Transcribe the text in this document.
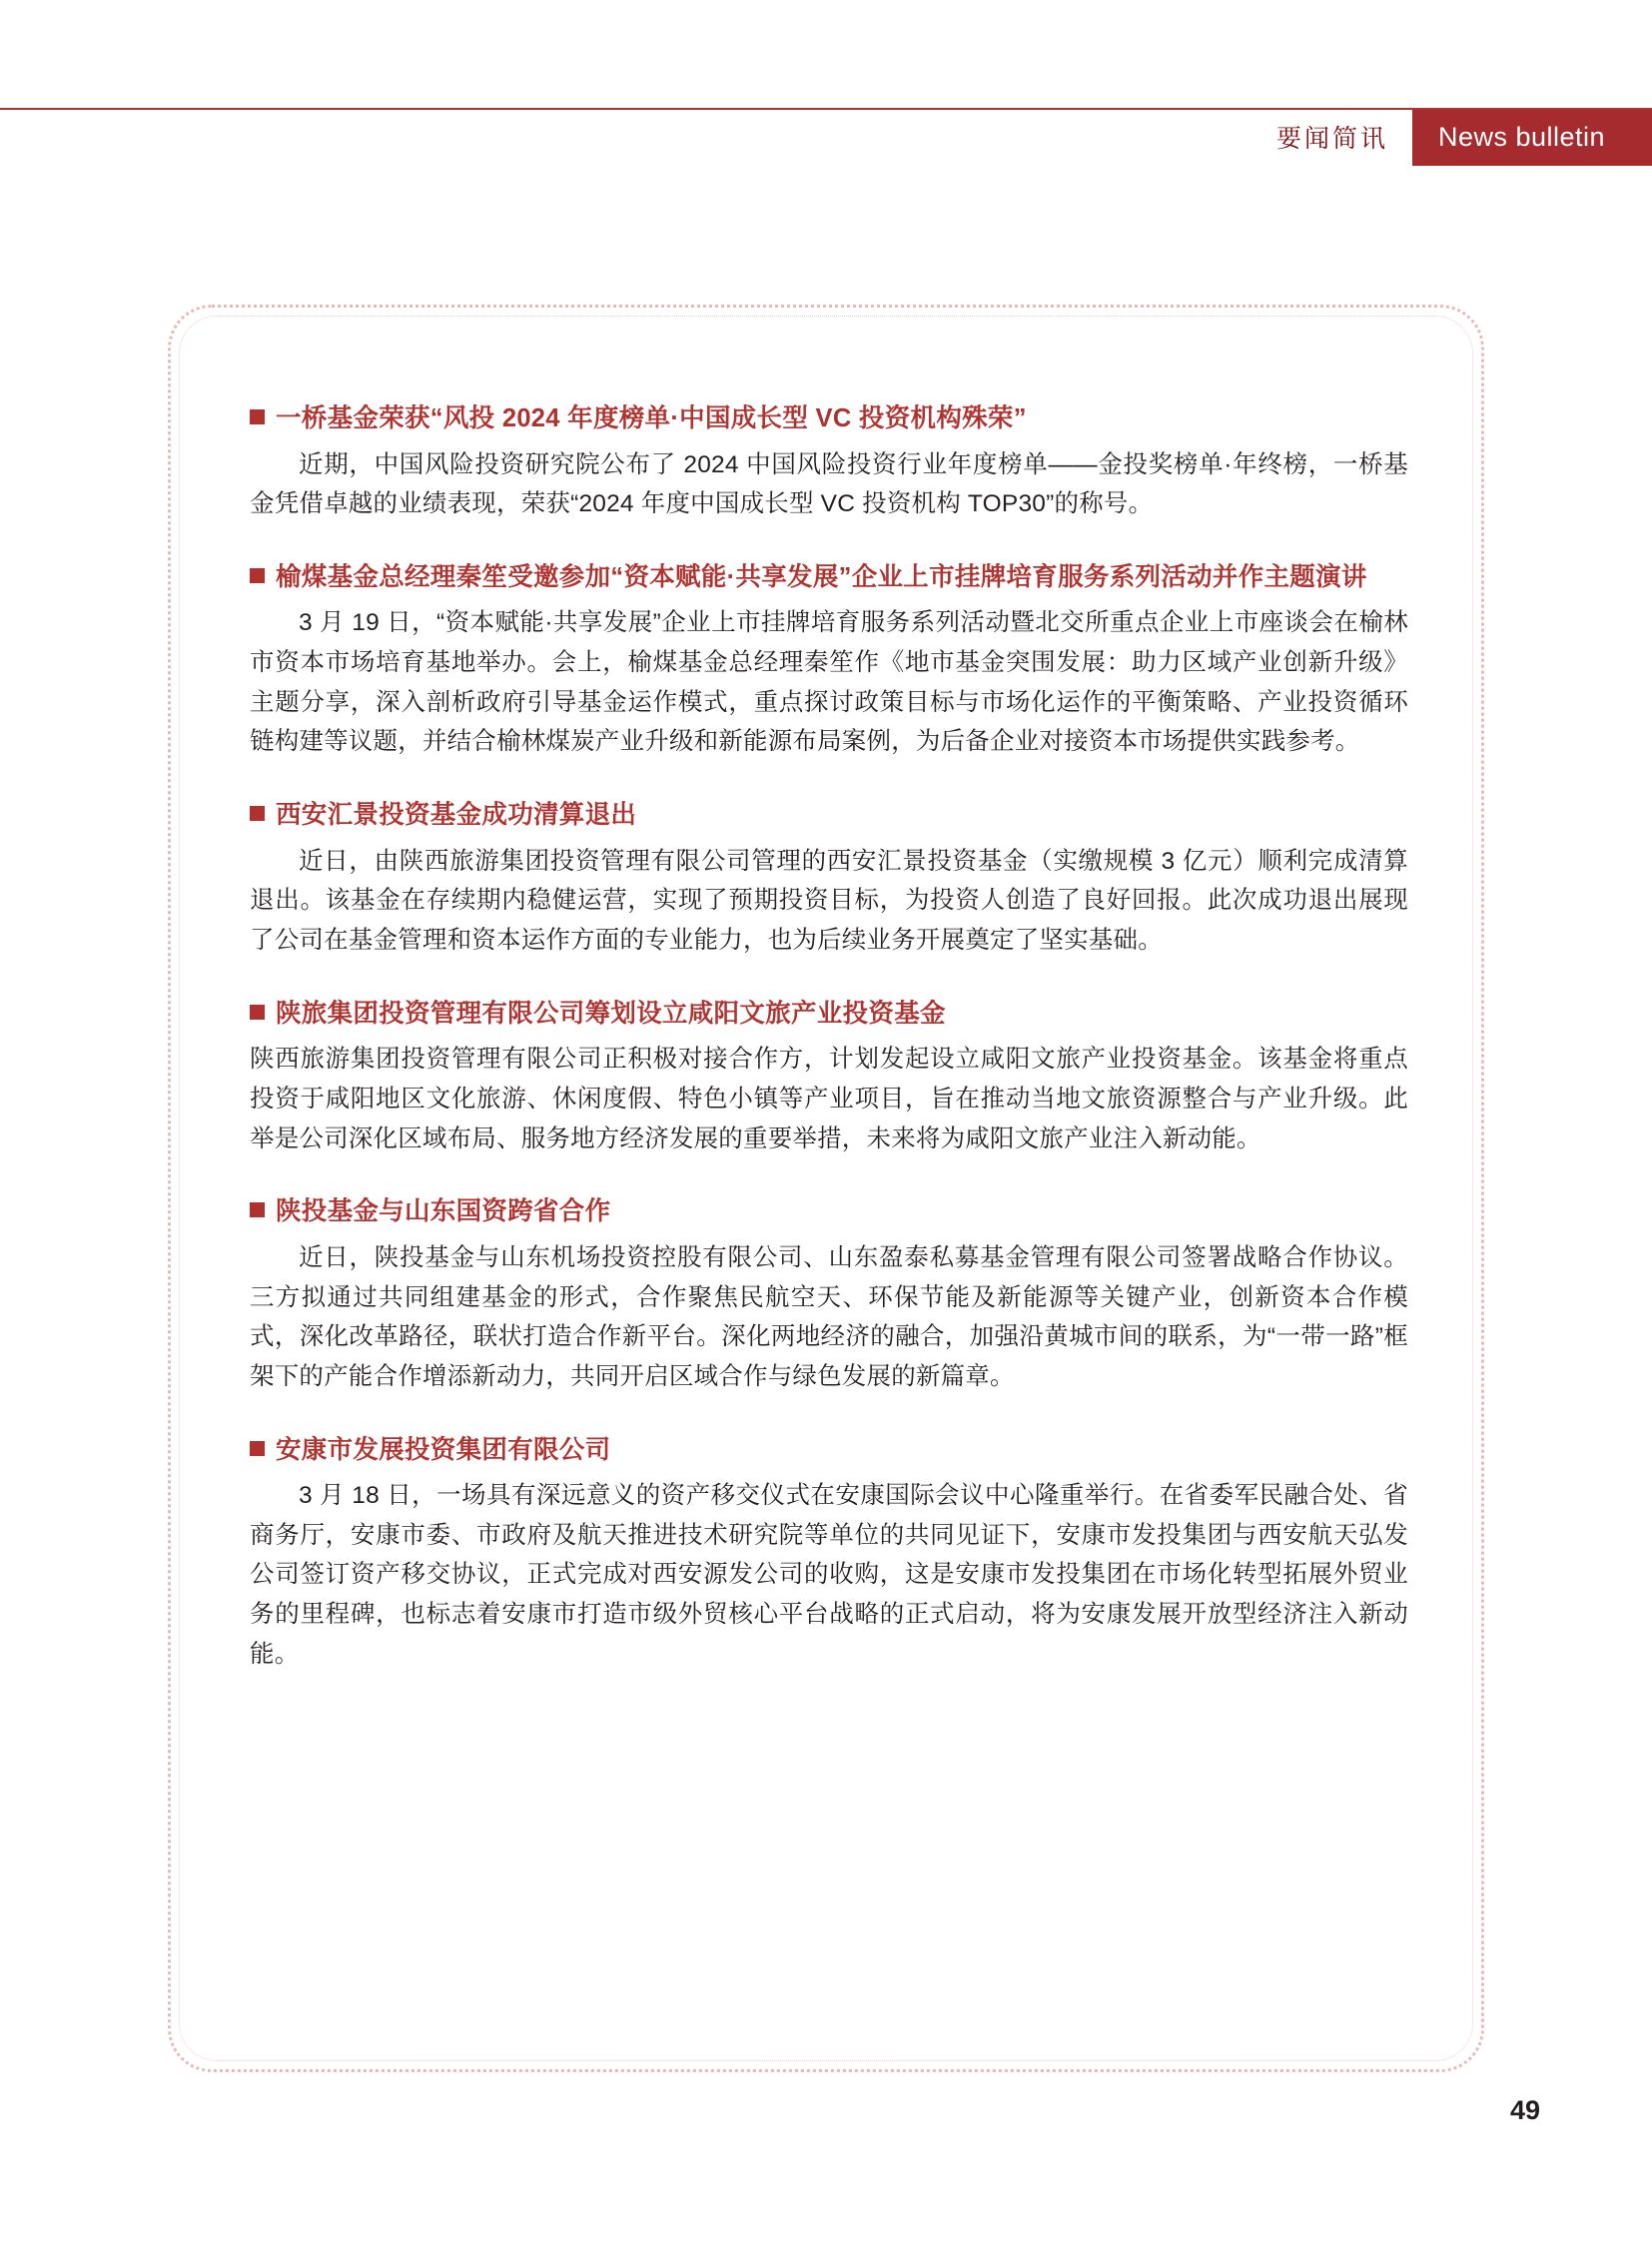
要闻简讯	News bulletin

一桥基金荣获“风投 2024 年度榜单·中国成长型 VC 投资机构殊荣”

近期，中国风险投资研究院公布了 2024 中国风险投资行业年度榜单——金投奖榜单·年终榜，一桥基金凭借卓越的业绩表现，荣获“2024 年度中国成长型 VC 投资机构 TOP30”的称号。

榆煤基金总经理秦笙受邀参加“资本赋能·共享发展”企业上市挂牌培育服务系列活动并作主题演讲

3 月 19 日，“资本赋能·共享发展”企业上市挂牌培育服务系列活动暨北交所重点企业上市座谈会在榆林市资本市场培育基地举办。会上，榆煤基金总经理秦笙作《地市基金突围发展：助力区域产业创新升级》主题分享，深入剖析政府引导基金运作模式，重点探讨政策目标与市场化运作的平衡策略、产业投资循环链构建等议题，并结合榆林煤炭产业升级和新能源布局案例，为后备企业对接资本市场提供实践参考。

西安汇景投资基金成功清算退出

近日，由陕西旅游集团投资管理有限公司管理的西安汇景投资基金（实缴规模 3 亿元）顺利完成清算退出。该基金在存续期内稳健运营，实现了预期投资目标，为投资人创造了良好回报。此次成功退出展现了公司在基金管理和资本运作方面的专业能力，也为后续业务开展奠定了坚实基础。

陕旅集团投资管理有限公司筹划设立咸阳文旅产业投资基金

陕西旅游集团投资管理有限公司正积极对接合作方，计划发起设立咸阳文旅产业投资基金。该基金将重点投资于咸阳地区文化旅游、休闲度假、特色小镇等产业项目，旨在推动当地文旅资源整合与产业升级。此举是公司深化区域布局、服务地方经济发展的重要举措，未来将为咸阳文旅产业注入新动能。

陕投基金与山东国资跨省合作

近日，陕投基金与山东机场投资控股有限公司、山东盈泰私募基金管理有限公司签署战略合作协议。三方拟通过共同组建基金的形式，合作聚焦民航空天、环保节能及新能源等关键产业，创新资本合作模式，深化改革路径，联状打造合作新平台。深化两地经济的融合，加强沿黄城市间的联系，为“一带一路”框架下的产能合作增添新动力，共同开启区域合作与绿色发展的新篇章。

安康市发展投资集团有限公司

3 月 18 日，一场具有深远意义的资产移交仪式在安康国际会议中心隆重举行。在省委军民融合处、省商务厅，安康市委、市政府及航天推进技术研究院等单位的共同见证下，安康市发投集团与西安航天弘发公司签订资产移交协议，正式完成对西安源发公司的收购，这是安康市发投集团在市场化转型拓展外贸业务的里程碑，也标志着安康市打造市级外贸核心平台战略的正式启动，将为安康发展开放型经济注入新动能。

49
